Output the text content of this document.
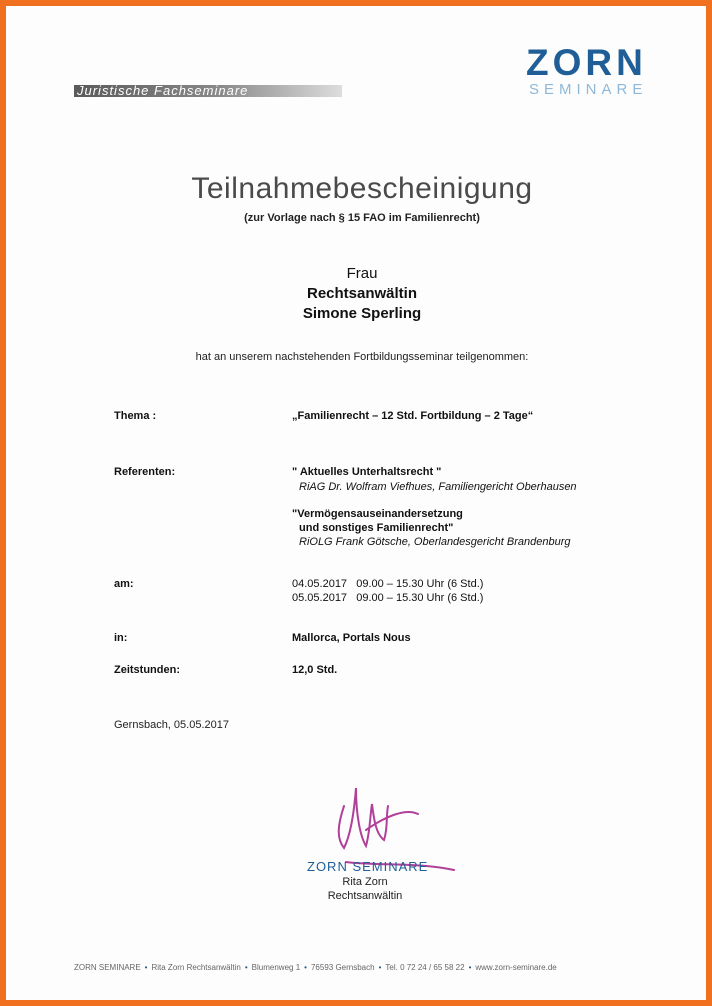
ZORN
SEMINARE
Juristische Fachseminare
Teilnahmebescheinigung
(zur Vorlage nach § 15 FAO im Familienrecht)
Frau
Rechtsanwältin
Simone Sperling
hat an unserem nachstehenden Fortbildungsseminar teilgenommen:
Thema :	„Familienrecht – 12 Std. Fortbildung – 2 Tage“
Referenten:	" Aktuelles Unterhaltsrecht "
RiAG Dr. Wolfram Viefhues, Familiengericht Oberhausen
"Vermögensauseinandersetzung
und sonstiges Familienrecht"
RiOLG Frank Götsche, Oberlandesgericht Brandenburg
am:	04.05.2017   09.00 – 15.30 Uhr (6 Std.)
05.05.2017   09.00 – 15.30 Uhr (6 Std.)
in:	Mallorca, Portals Nous
Zeitstunden:	12,0 Std.
Gernsbach, 05.05.2017
ZORN SEMINARE
Rita Zorn
Rechtsanwältin
ZORN SEMINARE • Rita Zorn Rechtsanwältin • Blumenweg 1 • 76593 Gernsbach • Tel. 0 72 24 / 65 58 22 • www.zorn-seminare.de
